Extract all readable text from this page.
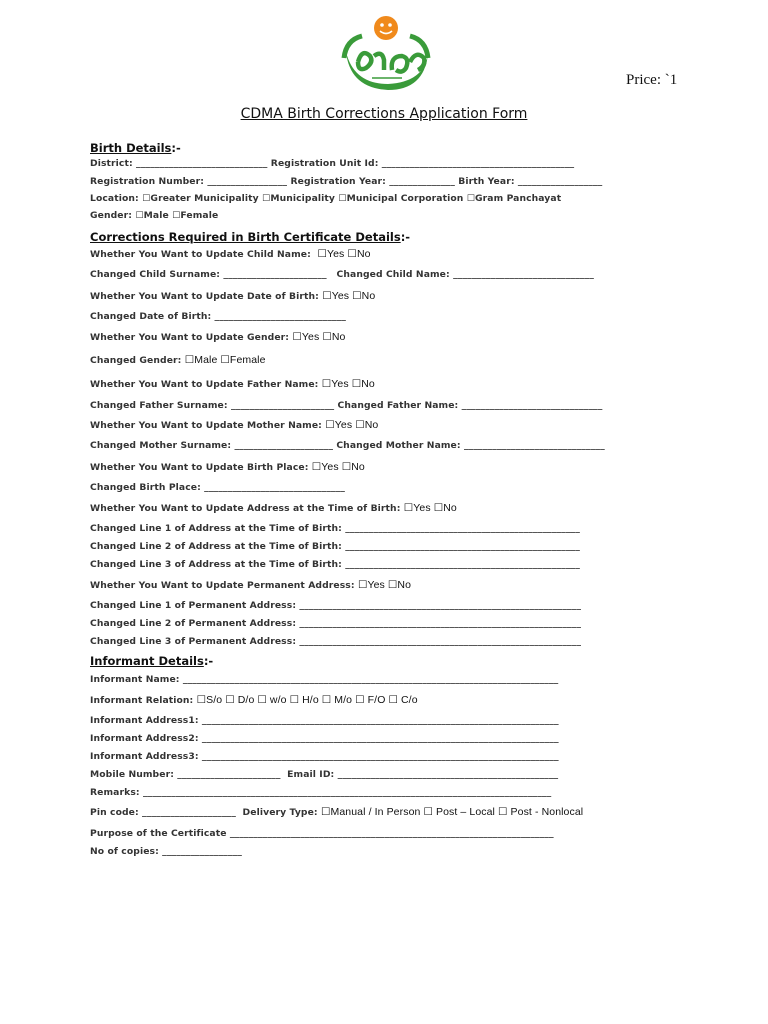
Price: `1
CDMA Birth Corrections Application Form
Birth Details:-
District: ____________________________ Registration Unit Id: _________________________________________
Registration Number: _________________ Registration Year: ______________ Birth Year: __________________
Location: ☐Greater Municipality ☐Municipality ☐Municipal Corporation ☐Gram Panchayat
Gender: ☐Male ☐Female
Corrections Required in Birth Certificate Details:-
Whether You Want to Update Child Name:  ☐Yes ☐No
Changed Child Surname: ______________________ Changed Child Name: ______________________________
Whether You Want to Update Date of Birth: ☐Yes ☐No
Changed Date of Birth: ____________________________
Whether You Want to Update Gender: ☐Yes ☐No
Changed Gender: ☐Male ☐Female
Whether You Want to Update Father Name: ☐Yes ☐No
Changed Father Surname: ______________________ Changed Father Name: ______________________________
Whether You Want to Update Mother Name: ☐Yes ☐No
Changed Mother Surname: _____________________ Changed Mother Name: ______________________________
Whether You Want to Update Birth Place: ☐Yes ☐No
Changed Birth Place: ______________________________
Whether You Want to Update Address at the Time of Birth: ☐Yes ☐No
Changed Line 1 of Address at the Time of Birth: __________________________________________________
Changed Line 2 of Address at the Time of Birth: __________________________________________________
Changed Line 3 of Address at the Time of Birth: __________________________________________________
Whether You Want to Update Permanent Address: ☐Yes ☐No
Changed Line 1 of Permanent Address: ____________________________________________________________
Changed Line 2 of Permanent Address: ____________________________________________________________
Changed Line 3 of Permanent Address: ____________________________________________________________
Informant Details:-
Informant Name: ________________________________________________________________________________
Informant Relation: ☐S/o ☐ D/o ☐ w/o ☐ H/o ☐ M/o ☐ F/O ☐ C/o
Informant Address1: ____________________________________________________________________________
Informant Address2: ____________________________________________________________________________
Informant Address3: ____________________________________________________________________________
Mobile Number: ______________________ Email ID: _______________________________________________
Remarks: _______________________________________________________________________________________
Pin code: ____________________ Delivery Type: ☐Manual / In Person ☐ Post – Local ☐ Post - Nonlocal
Purpose of the Certificate _____________________________________________________________________
No of copies: _________________
